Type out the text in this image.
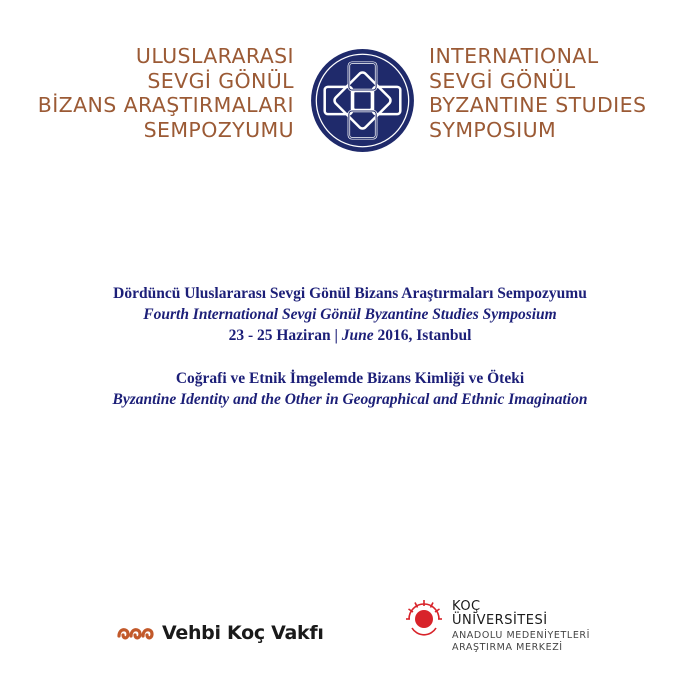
ULUSLARARASI
SEVGİ GÖNÜL
BİZANS ARAŞTIRMALARI
SEMPOZYUMU
INTERNATIONAL
SEVGİ GÖNÜL
BYZANTINE STUDIES
SYMPOSIUM
Dördüncü Uluslararası Sevgi Gönül Bizans Araştırmaları Sempozyumu
Fourth International Sevgi Gönül Byzantine Studies Symposium
23 - 25 Haziran | June 2016, Istanbul
Coğrafi ve Etnik İmgelemde Bizans Kimliği ve Öteki
Byzantine Identity and the Other in Geographical and Ethnic Imagination
Vehbi Koç Vakfı
KOÇ
ÜNİVERSİTESİ
ANADOLU MEDENİYETLERİ
ARAŞTIRMA MERKEZİ
